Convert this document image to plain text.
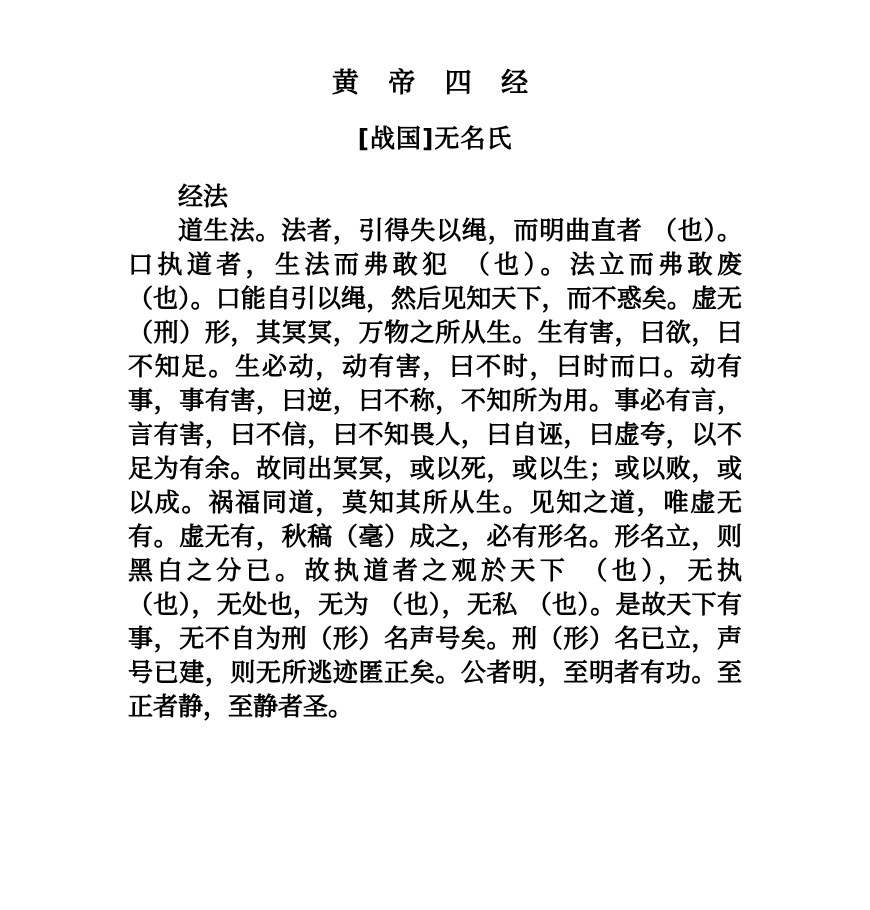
黄 帝 四 经
[战国]无名氏
经法

道生法。法者，引得失以绳，而明曲直者 （也）。口执道者，生法而弗敢犯 （也）。法立而弗敢废 （也）。口能自引以绳，然后见知天下，而不惑矣。虚无（刑）形，其冥冥，万物之所从生。生有害，曰欲，曰不知足。生必动，动有害，曰不时，曰时而口。动有事，事有害，曰逆，曰不称，不知所为用。事必有言，言有害，曰不信，曰不知畏人，曰自诬，曰虚夸，以不足为有余。故同出冥冥，或以死，或以生；或以败，或以成。祸福同道，莫知其所从生。见知之道，唯虚无有。虚无有，秋稿（毫）成之，必有形名。形名立，则黑白之分已。故执道者之观於天下 （也），无执 （也），无处也，无为 （也），无私 （也）。是故天下有事，无不自为刑（形）名声号矣。刑（形）名已立，声号已建，则无所逃迹匿正矣。公者明，至明者有功。至正者静，至静者圣。
